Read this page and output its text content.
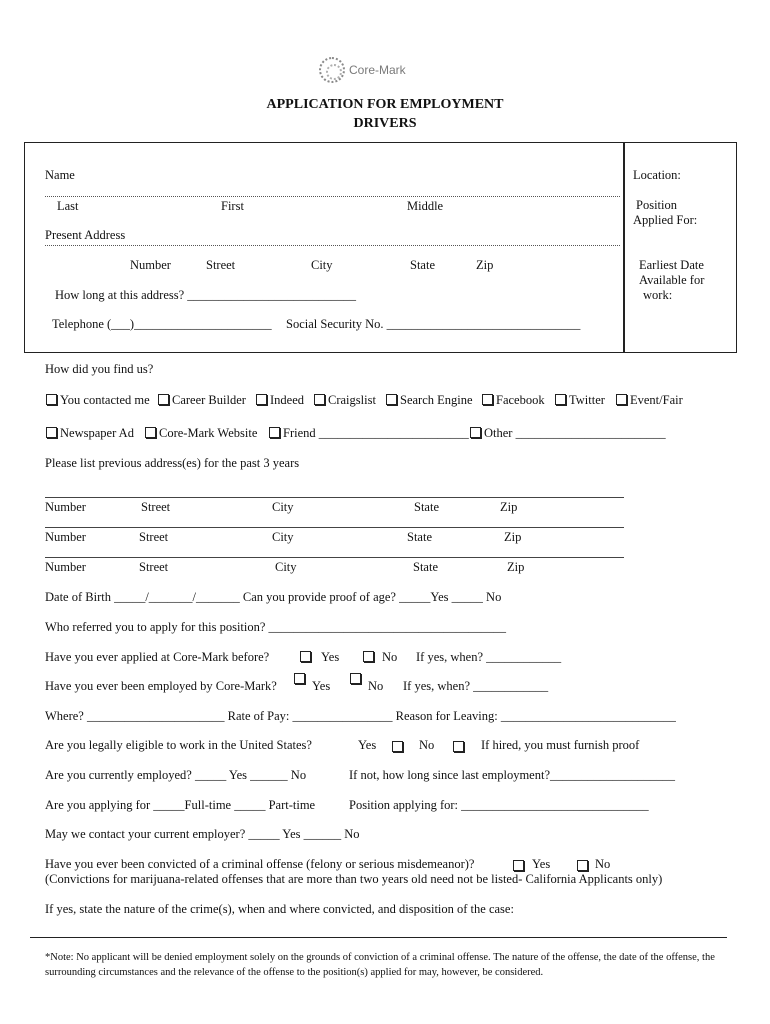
Core-Mark
APPLICATION FOR EMPLOYMENT
DRIVERS
Name
Last	First	Middle
Present Address
Number	Street	City	State	Zip
How long at this address? ___________________________
Telephone (___)______________________ Social Security No. _______________________________
Location:
Position
Applied For:
Earliest Date
Available for
work:
How did you find us?
You contacted me	Career Builder	Indeed	Craigslist	Search Engine	Facebook	Twitter	Event/Fair
Newspaper Ad	Core-Mark Website	Friend ________________________	Other ________________________
Please list previous address(es) for the past 3 years
Number	Street	City	State	Zip
Number	Street	City	State	Zip
Number	Street	City	State	Zip
Date of Birth _____/_______/_______ Can you provide proof of age? _____Yes _____ No
Who referred you to apply for this position? ______________________________________
Have you ever applied at Core-Mark before?	Yes	No If yes, when? ____________
Have you ever been employed by Core-Mark?	Yes	No If yes, when? ____________
Where? ______________________ Rate of Pay: ________________ Reason for Leaving: ____________________________
Are you legally eligible to work in the United States?	Yes	No	If hired, you must furnish proof
Are you currently employed? _____ Yes ______ No	If not, how long since last employment?____________________
Are you applying for _____Full-time _____ Part-time	Position applying for: ______________________________
May we contact your current employer? _____ Yes ______ No
Have you ever been convicted of a criminal offense (felony or serious misdemeanor)?	Yes	No
(Convictions for marijuana-related offenses that are more than two years old need not be listed- California Applicants only)
If yes, state the nature of the crime(s), when and where convicted, and disposition of the case:
*Note: No applicant will be denied employment solely on the grounds of conviction of a criminal offense. The nature of the offense, the date of the offense, the surrounding circumstances and the relevance of the offense to the position(s) applied for may, however, be considered.
